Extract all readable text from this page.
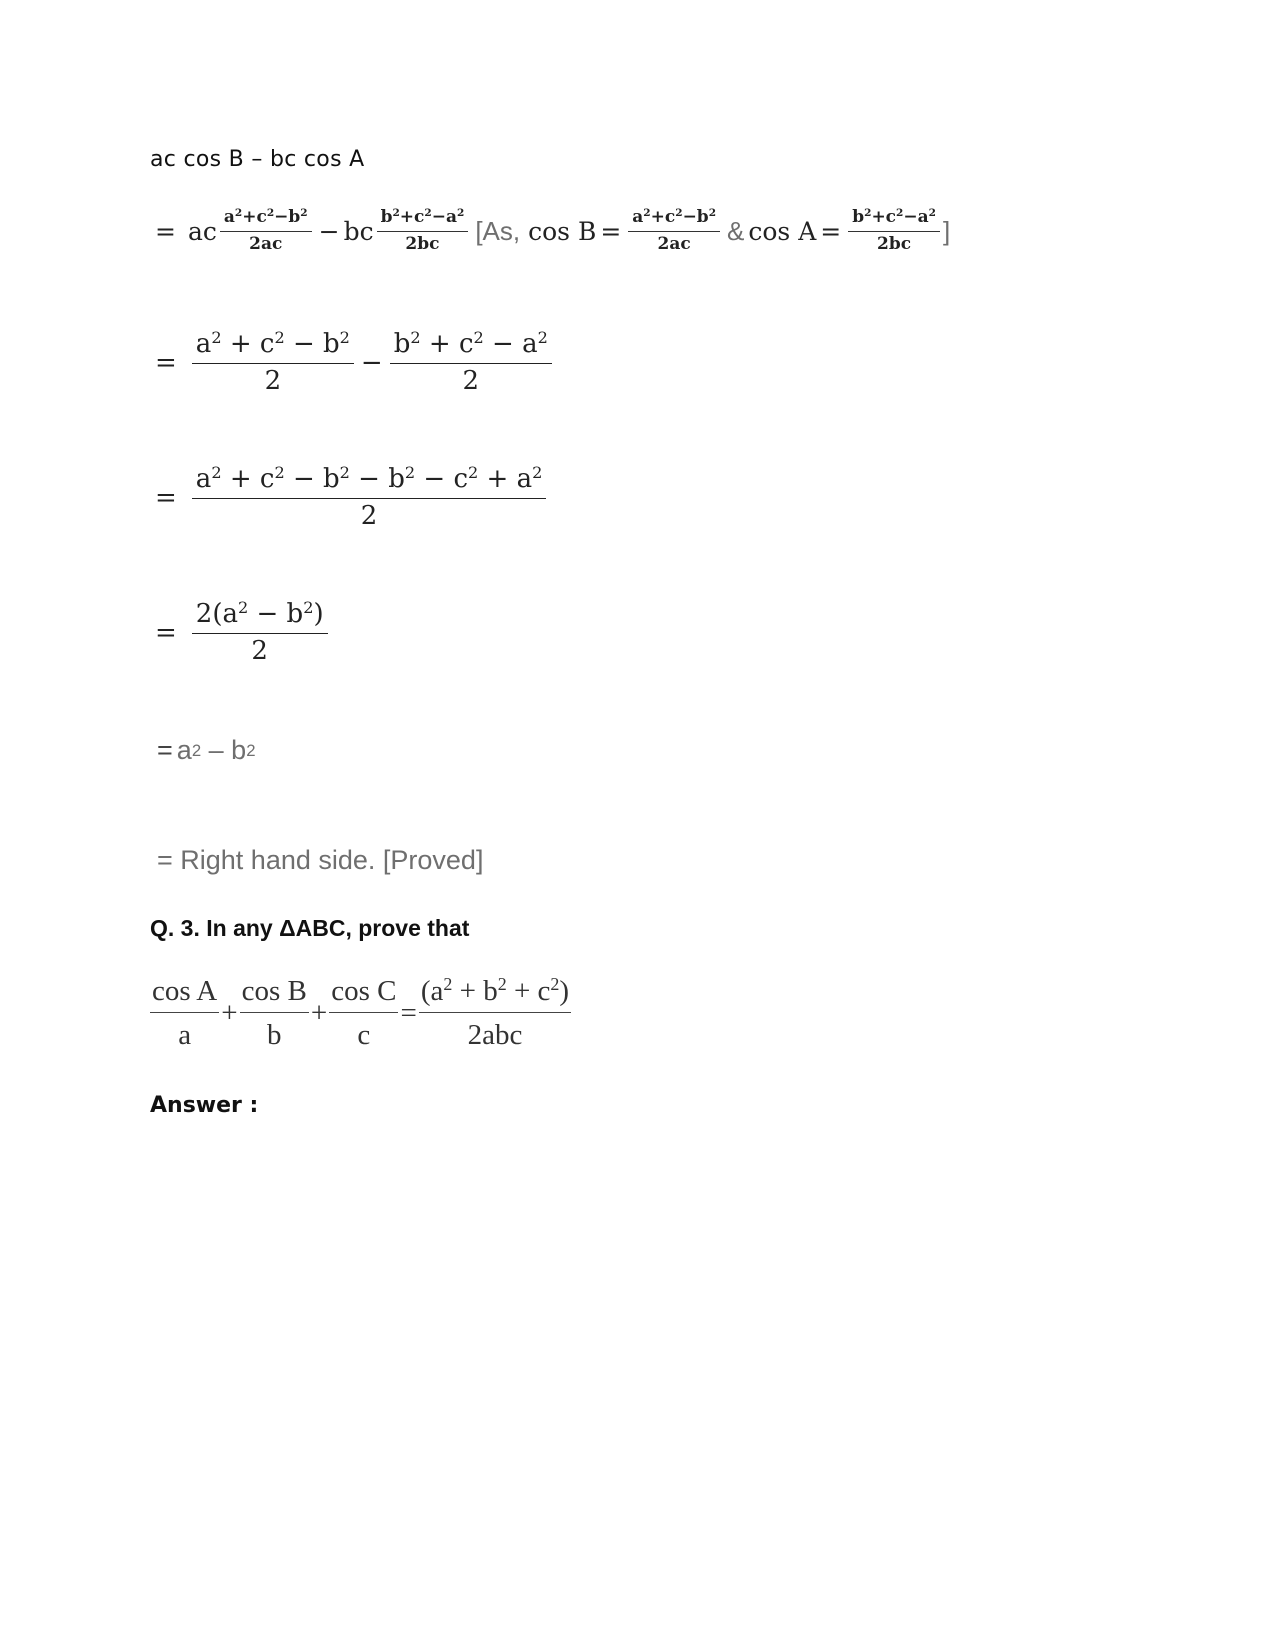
ac cos B – bc cos A
= ac $\frac{a^2+c^2-b^2}{2ac}$ − bc $\frac{b^2+c^2-a^2}{2bc} [As$, $\cos B = \frac{a^2+c^2-b^2}{2ac}$ & $\cos A = \frac{b^2+c^2-a^2}{2bc}$ ]
= $\frac{a^2 + c^2 - b^2}{2} - \frac{b^2 + c^2 - a^2}{2}$
= $\frac{a^2 + c^2 - b^2 - b^2 - c^2 + a^2}{2}$
= $\frac{2(a^2 - b^2)}{2}$
= a 2 – b 2
= Right hand side. [Proved]
Q. 3. In any ΔABC, prove that
$\frac{\text{cos A}}{a} + \frac{\text{cos B}}{b} + \frac{\text{cos C}}{c} = \frac{(a^2 + b^2 + c^2)}{\text{2abc}}$
Answer :
